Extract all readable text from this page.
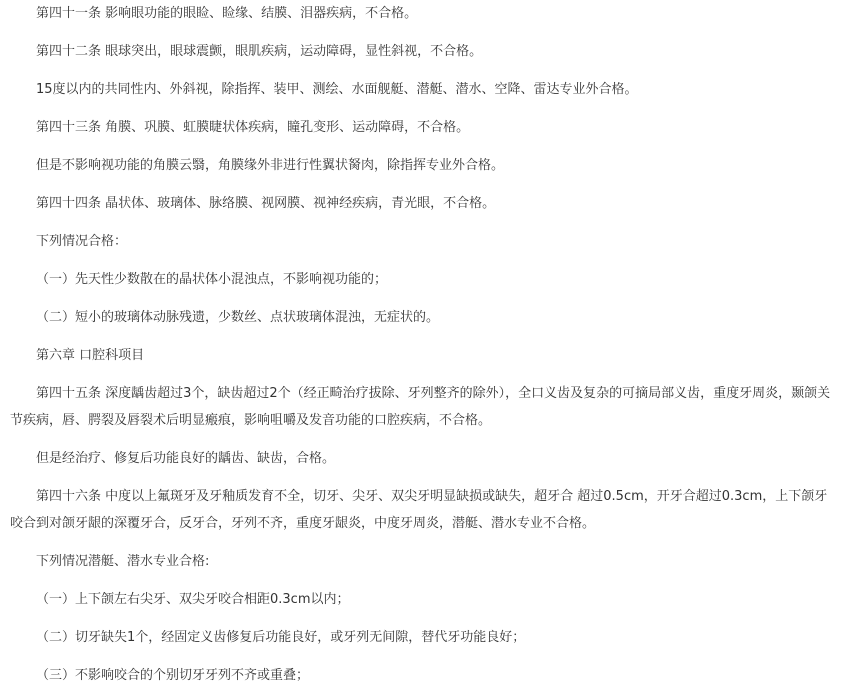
第四十一条 影响眼功能的眼睑、睑缘、结膜、泪器疾病，不合格。

第四十二条 眼球突出，眼球震颤，眼肌疾病，运动障碍，显性斜视，不合格。

15度以内的共同性内、外斜视，除指挥、装甲、测绘、水面舰艇、潜艇、潜水、空降、雷达专业外合格。

第四十三条 角膜、巩膜、虹膜睫状体疾病，瞳孔变形、运动障碍，不合格。

但是不影响视功能的角膜云翳，角膜缘外非进行性翼状胬肉，除指挥专业外合格。

第四十四条 晶状体、玻璃体、脉络膜、视网膜、视神经疾病，青光眼，不合格。

下列情况合格：

（一）先天性少数散在的晶状体小混浊点，不影响视功能的；

（二）短小的玻璃体动脉残遗，少数丝、点状玻璃体混浊，无症状的。

第六章 口腔科项目

第四十五条 深度龋齿超过3个，缺齿超过2个（经正畸治疗拔除、牙列整齐的除外），全口义齿及复杂的可摘局部义齿，重度牙周炎，颞颌关节疾病，唇、腭裂及唇裂术后明显瘢痕，影响咀嚼及发音功能的口腔疾病，不合格。

但是经治疗、修复后功能良好的龋齿、缺齿，合格。

第四十六条 中度以上氟斑牙及牙釉质发育不全，切牙、尖牙、双尖牙明显缺损或缺失，超牙合 超过0.5cm，开牙合超过0.3cm，上下颌牙咬合到对颌牙龈的深覆牙合，反牙合，牙列不齐，重度牙龈炎，中度牙周炎，潜艇、潜水专业不合格。

下列情况潜艇、潜水专业合格:

（一）上下颌左右尖牙、双尖牙咬合相距0.3cm以内；

（二）切牙缺失1个，经固定义齿修复后功能良好，或牙列无间隙，替代牙功能良好；

（三）不影响咬合的个别切牙牙列不齐或重叠；
